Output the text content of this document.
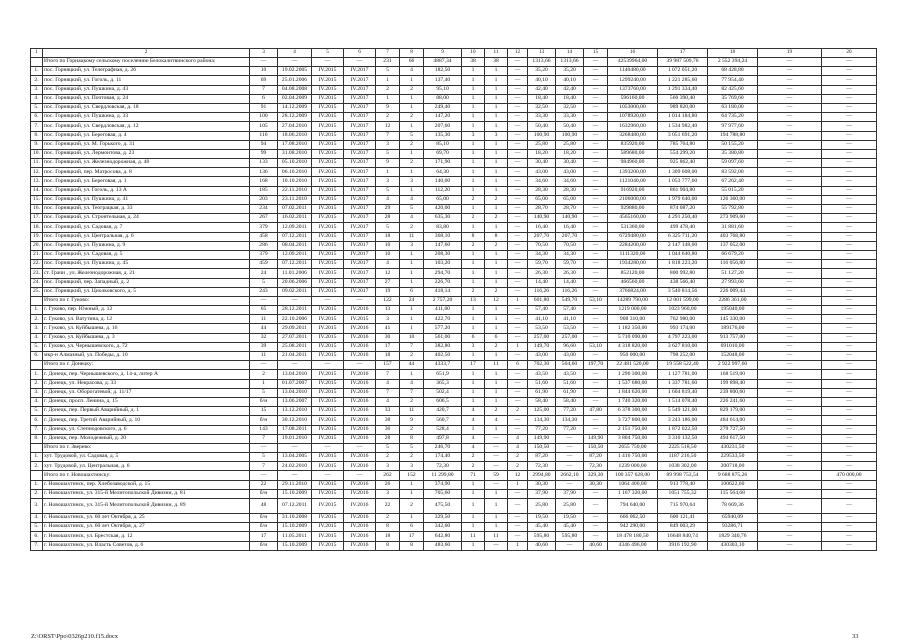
1	2	3	4	5	6	7	8	9	10	11	12	13	14	15	16	17	18	19	20
	Итого по Горнацкому сельскому поселению Белокалитвинского района:	—	—	—	—	231	66	4887,34	38	38	—	1313,66	1313,66	—	42539964,00	39 987 509,76	2 552 394,24	—	—
1.	пос. Горняцкий, ул. Телеграфная, д. 26	10	19.02.2005	IV.2015	IV.2017	5	4	182,50	1	1	—	35,20	35,20	—	1140480,00	1 072 051,20	68 428,80	—	—
2.	пос. Горняцкий, ул. Гоголь, д. 11	69	25.01.2006	IV.2015	IV.2017	1	1	137,40	1	1	—	40,10	40,10	—	1299240,00	1 221 285,60	77 954,40	—	—
3.	пос. Горняцкий, ул. Пушкина, д. 43	7	04.08.2008	IV.2015	IV.2017	2	2	95,10	1	1	—	42,40	42,40	—	1373760,00	1 291 334,40	82 425,60	—	—
4.	пос. Горняцкий, ул. Почтовая, д. 24	6	02.04.2009	IV.2015	IV.2017	1	1	88,00	1	1	—	18,40	18,40	—	596160,00	560 390,40	35 769,60	—	—
5.	пос. Горняцкий, ул. Свердловская, д. 18	91	14.12.2009	IV.2015	IV.2017	9	1	249,40	1	1	—	32,50	32,50	—	1053000,00	989 820,00	63 180,00	—	—
6.	пос. Горняцкий, ул. Пушкина, д. 33	100	28.12.2009	IV.2015	IV.2017	2	2	147,20	1	1	—	33,30	33,30	—	1078920,00	1 014 184,80	64 735,20	—	—
7.	пос. Горняцкий, ул. Свердловская, д. 12	105	27.04.2010	IV.2015	IV.2017	12	1	207,60	1	1	—	50,40	50,40	—	1632960,00	1 534 982,40	97 977,60	—	—
8.	пос. Горняцкий, ул. Береговая, д. 4	116	18.06.2010	IV.2015	IV.2017	7	5	135,30	3	3	—	100,90	100,90	—	3268480,00	3 051 691,20	194 788,80	—	—
9.	пос. Горняцкий, ул. М. Горького, д. 31	94	17.08.2010	IV.2015	IV.2017	3	2	85,10	1	1	—	25,80	25,80	—	835920,00	785 764,80	50 155,20	—	—
10.	пос. Горняцкий, ул. Лермонтова, д. 23	99	31.08.2010	IV.2015	IV.2017	5	1	69,70	1	1	—	18,20	18,20	—	589680,00	554 299,20	35 380,80	—	—
11.	пос. Горняцкий, ул. Железнодорожная, д. 48	133	05.10.2010	IV.2015	IV.2017	9	2	171,90	1	1	—	30,40	30,40	—	984960,00	925 862,40	59 097,60	—	—
12.	пос. Горняцкий, пер. Матросова, д. 8	136	06.10.2010	IV.2015	IV.2017	1	1	64,30	1	1	—	43,00	43,00	—	1393200,00	1 309 608,00	83 592,00	—	—
13.	пос. Горняцкий, ул. Береговая, д. 1	168	10.10.2010	IV.2015	IV.2017	3	3	140,00	1	1	—	34,60	34,60	—	1121040,00	1 053 777,60	67 262,40	—	—
14.	пос. Горняцкий, ул. Гоголь, д. 13 А	185	22.11.2010	IV.2015	IV.2017	5	1	112,20	1	1	—	28,30	28,30	—	916920,00	861 904,80	55 015,20	—	—
15.	пос. Горняцкий, ул. Пушкина, д. 41	203	23.11.2010	IV.2015	IV.2017	4	4	65,00	2	2	—	65,00	65,00	—	2106000,00	1 979 640,00	126 360,00	—	—
16.	пос. Горняцкий, ул. Теограцкая, д. 33	234	07.02.2011	IV.2015	IV.2017	29	5	420,00	1	1	—	28,70	28,70	—	929880,00	874 087,20	55 792,80	—	—
17.	пос. Горняцкий, ул. Строительная, д. 24	267	16.02.2011	IV.2015	IV.2017	28	4	635,30	2	2	—	140,90	140,90	—	4565160,00	4 291 250,40	273 909,60	—	—
18.	пос. Горняцкий, ул. Садовая, д. 7	379	12.09.2011	IV.2015	IV.2017	5	2	83,80	1	1	—	16,40	16,40	—	531360,00	499 478,40	31 881,60	—	—
19.	пос. Горняцкий, ул. Центральная, д. 6	458	07.12.2011	IV.2015	IV.2017	18	11	368,10	8	8	—	207,70	207,70	—	6729480,00	6 325 711,20	403 768,80	—	—
20.	пос. Горняцкий, ул. Пушкина, д. 9	286	08.04.2011	IV.2015	IV.2017	10	3	147,60	2	2	—	70,50	70,50	—	2284200,00	2 147 148,00	137 052,00	—	—
21.	пос. Горняцкий, ул. Садовая, д. 5	379	12.09.2011	IV.2015	IV.2017	10	1	208,30	1	1	—	34,30	34,30	—	1111320,00	1 044 640,80	66 679,20	—	—
22.	пос. Горняцкий, ул. Пушкина, д. 45	459	07.12.2011	IV.2015	IV.2017	4	1	103,20	1	1	—	59,70	59,70	—	1934280,00	1 818 223,20	116 056,80	—	—
23.	ст. Грачи , ул. Железнодорожная, д. 21	24	11.01.2006	IV.2015	IV.2017	12	1	294,70	1	1	—	26,30	26,30	—	852120,00	800 992,80	51 127,20	—	—
24.	пос. Горняцкий, пер. Западный, д. 2	5	20.06.2006	IV.2015	IV.2017	27	1	226,70	1	1	—	14,40	14,40	—	466560,00	438 566,40	27 993,60	—	—
25.	пос. Горняцкий, ул. Циолковского, д. 5	243	09.02.2011	IV.2015	IV.2017	19	6	418,14	2	2	—	116,26	116,26	—	3766824,00	3 540 814,56	226 009,44	—	—
	Итого по г. Гуково:	—	—	—	—	122	24	2 757,20	13	12	1	601,80	549,70	53,10	14289 790,00	12 001 599,00	2286 361,00	—	—
1.	г. Гуково, пер. Южный, д. 12	65	28.12.2011	IV.2015	IV.2016	13	1	411,00	1	1	—	57,40	57,40	—	1219 000,00	1023 960,00	195040,00	—	—
2.	г. Гуково, ул. Ватутина, д. 12	11	22.10.2006	IV.2015	IV.2015	3	1	422,70	1	1	—	41,10	41,10	—	908 310,00	762 980,00	145 330,00	—	—
3.	г. Гуково, ул. Куйбышева, д. 16	44	29.09.2011	IV.2015	IV.2016	41	1	577,20	1	1	—	53,50	53,50	—	1 182 350,00	993 174,00	189176,00	—	—
4.	г. Гуково, ул. Куйбышева, д. 3	32	27.07.2011	IV.2015	IV.2016	30	10	561,00	6	6	—	257,00	257,00	—	5 710 090,00	4 797 223,00	913 757,00	—	—
5.	г. Гуково, ул. Чернышевского, д. 72	39	25.08.2011	IV.2015	IV.2016	17	7	382,80	3	2	1	149,70	96,60	53,10	4 318 820,00	3 627 810,00	691010,00	—	—
6.	мкр-н Алмазный, ул. Победы, д. 10	11	21.04.2011	IV.2015	IV.2016	18	2	402,50	1	1	—	43,00	43,00	—	950 000,00	798 252,00	152048,00	—	—
	Итого по г. Донецку:	—	—	—	—	157	44	4333,7	17	11	6	702,30	504,60	197,70	22 481 520,00	19 558 522,40	2 922 997,60	—	—
1.	г. Донецк, пер. Чернышевского, д. 14-а, литер А	2	13.04.2010	IV.2015	IV.2016	7	1	651,9	1	1	—	43,50	43,50	—	1 296 300,00	1 127 781,00	168 519,00	—	—
2.	г. Донецк, ул. Некрасова, д. 33	1	01.07.2007	IV.2015	IV.2016	4	4	365,3	1	1	—	51,60	51,60	—	1 537 680,00	1 337 781,60	199 898,40	—	—
3.	г. Донецк, ул. Оборогатевой, д. 11/17	5	13.04.2010	IV.2015	IV.2016	7	7	502,4	1	1	—	61,90	61,90	—	1 844 620,00	1 604 819,40	239 800,60	—	—
4.	г. Донецк, просп. Ленина, д. 15	б/н	13.06.2007	IV.2015	IV.2016	4	2	606,5	1	1	—	58,40	58,40	—	1 740 320,00	1 514 078,40	226 241,60	—	—
5.	г. Донецк, пер. Первый Аварийный, д. 1	15	13.12.2010	IV.2015	IV.2016	33	11	420,7	4	2	2	125,00	77,20	47,80	6 378 300,00	5 549 121,00	829 179,00	—	—
6.	г. Донецк, пер. Третий Аварийный, д. 10	б/н	30.12.2010	IV.2015	IV.2016	38	9	560,7	4	4	—	134,30	134,30	—	3 727 800,00	3 243 186,00	484 614,00	—	—
7.	г. Донецк, ул. Степнодовского, д. 6	143	17.08.2011	IV.2015	IV.2016	36	2	528,4	1	1	—	77,20	77,20	—	2 151 750,00	1 872 022,50	279 727,50	—	—
8.	г. Донецк, пер. Молодежный, д. 20	7	19.01.2010	IV.2015	IV.2016	28	8	497,8	4	—	4	149,90	—	149,90	3 804 750,00	3 310 132,50	494 617,50	—	—
	Итого по г. Зверево:	—	—	—	—	5	5	246,70	4	—	4	150,50	—	150,50	2655 750,00	2225 518,50	430231,50	—	—
1.	хут. Трудовой, ул. Садовая, д. 5	5	13.04.2005	IV.2015	IV.2016	2	2	174,40	2	—	2	87,20	—	87,20	1 416 750,00	1187 216,50	229533,50	—	—
2.	хут. Трудовой, ул. Центральная, д. 6	7	24.02.2010	IV.2015	IV.2016	3	3	72,30	2	—	2	72,30	—	72,30	1239 000,00	1038 302,00	200718,00	—	—
	Итого по г. Новошахтинску:	—	—	—	—	262	152	11 299,80	71	59	12	2994,80	2662,10	329,30	100 357 628,00	89 998 753,54	9 688 875,26	—	470 000,00
1.	г. Новошахтинск, пер. Хлебозаводской, д. 15	22	29.11.2010	IV.2015	IV.2016	26	1	374,90	1	—	1	30,30	—	30,30	1064 400,00	913 778,40	100622,60	—	—
2.	г. Новошахтинск, ул. 315-й Мелитопольской Дивизии, д. 81	б/н	15.10.2009	IV.2015	IV.2016	3	1	705,60	1	1	—	37,90	37,90	—	1 167 320,00	1051 755,32	115 564,68	—	—
3.	г. Новошахтинск, ул. 315-й Мелитопольской Дивизии, д. 89	48	07.12.2011	IV.2015	IV.2016	22	2	475,50	1	1	—	25,80	25,80	—	794 640,00	715 970,64	78 669,36	—	—
4.	г. Новошахтинск, ул. 60 лет Октября, д. 25	б/н	31.10.2008	IV.2015	IV.2016	2	1	329,50	1	1	—	19,50	19,50	—	666 062,50	600 121,41	65940,09	—	—
5.	г. Новошахтинск, ул. 60 лет Октября, д. 27	б/н	15.10.2009	IV.2015	IV.2016	8	6	342,60	1	1	—	45,40	45,40	—	942 290,00	849 003,29	93286,71	—	—
6.	г. Новошахтинск, ул. Брестская, д. 12	17	11.05.2011	IV.2015	IV.2016	18	17	642,80	11	11	—	595,80	595,80	—	18 478 180,50	16648 840,74	1829 340,76	—	—
7.	г. Новошахтинск, ул. Власть Советов, д. 6	б/н	15.10.2009	IV.2015	IV.2016	8	8	483,60	1	—	1	40,60	—	40,60	4346 496,00	3916 192,90	430303,10	—	—
Z:\ORST\Ppo\0326p210.f15.docx	33
